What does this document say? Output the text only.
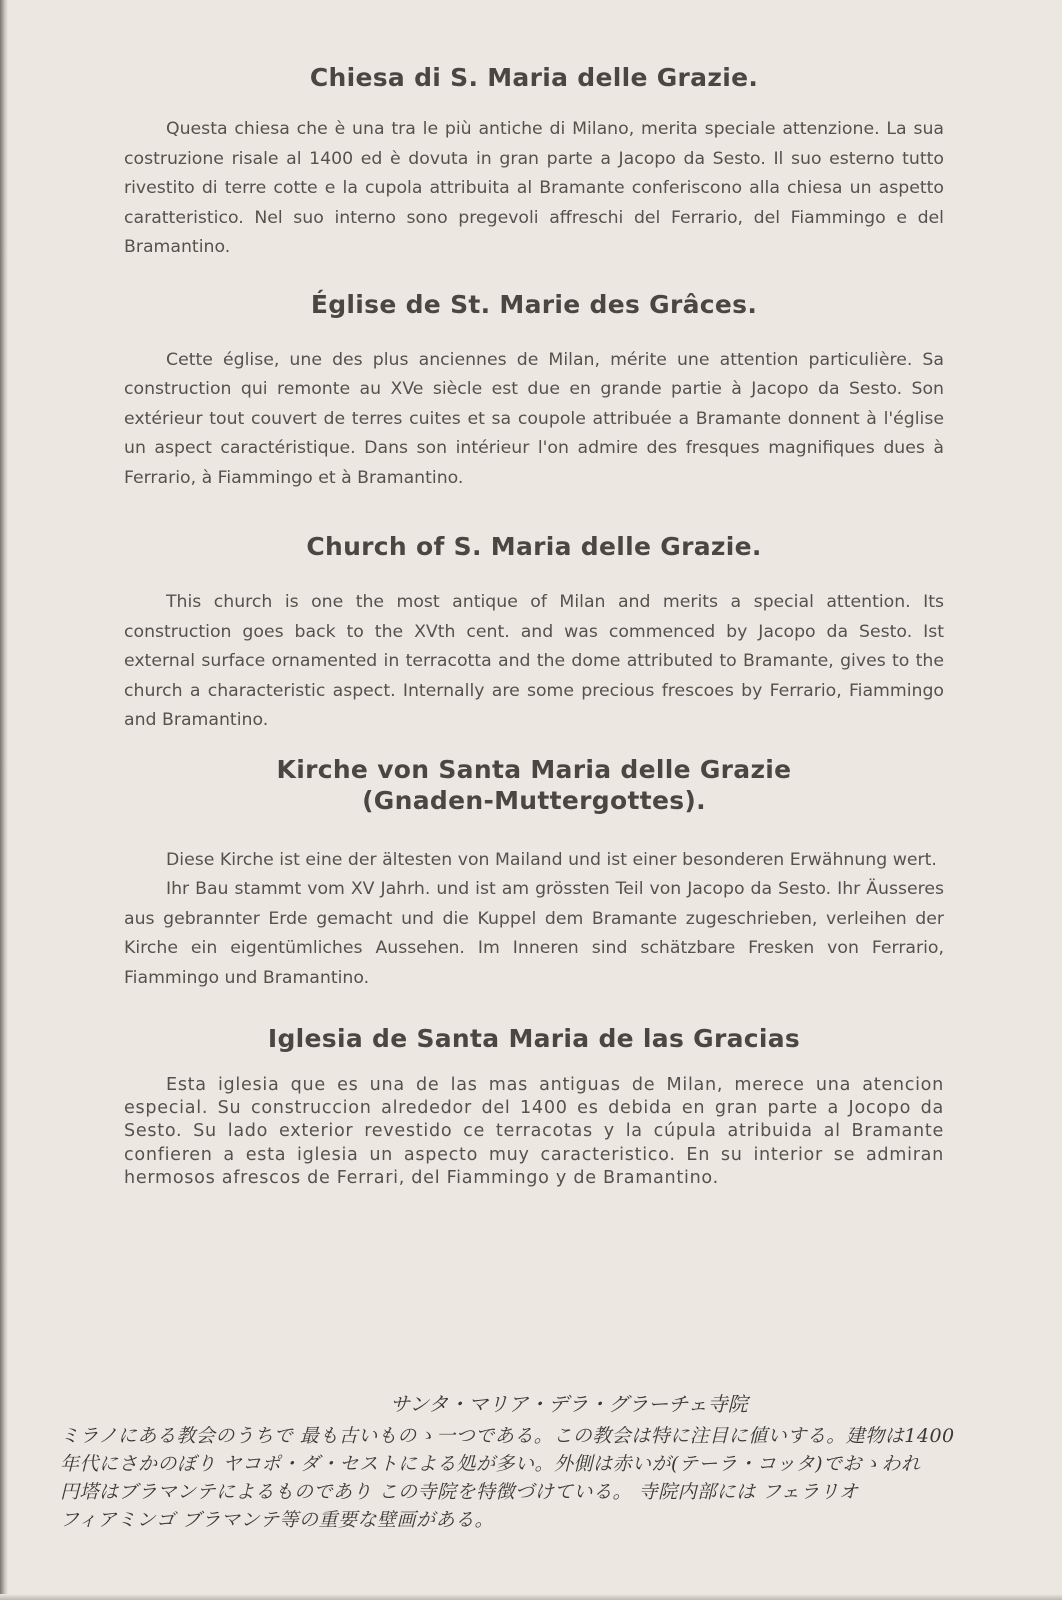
Chiesa di S. Maria delle Grazie.

Questa chiesa che è una tra le più antiche di Milano, merita speciale attenzione. La sua costruzione risale al 1400 ed è dovuta in gran parte a Jacopo da Sesto. Il suo esterno tutto rivestito di terre cotte e la cupola attribuita al Bramante conferiscono alla chiesa un aspetto caratteristico. Nel suo interno sono pregevoli affreschi del Ferrario, del Fiammingo e del Bramantino.

Église de St. Marie des Grâces.

Cette église, une des plus anciennes de Milan, mérite une attention particulière. Sa construction qui remonte au XVe siècle est due en grande partie à Jacopo da Sesto. Son extérieur tout couvert de terres cuites et sa coupole attribuée a Bramante donnent à l'église un aspect caractéristique. Dans son intérieur l'on admire des fresques magnifiques dues à Ferrario, à Fiammingo et à Bramantino.

Church of S. Maria delle Grazie.

This church is one the most antique of Milan and merits a special attention. Its construction goes back to the XVth cent. and was commenced by Jacopo da Sesto. Ist external surface ornamented in terracotta and the dome attributed to Bramante, gives to the church a characteristic aspect. Internally are some precious frescoes by Ferrario, Fiammingo and Bramantino.

Kirche von Santa Maria delle Grazie
(Gnaden-Muttergottes).

Diese Kirche ist eine der ältesten von Mailand und ist einer besonderen Erwähnung wert.

Ihr Bau stammt vom XV Jahrh. und ist am grössten Teil von Jacopo da Sesto. Ihr Äusseres aus gebrannter Erde gemacht und die Kuppel dem Bramante zugeschrieben, verleihen der Kirche ein eigentümliches Aussehen. Im Inneren sind schätzbare Fresken von Ferrario, Fiammingo und Bramantino.

Iglesia de Santa Maria de las Gracias

Esta iglesia que es una de las mas antiguas de Milan, merece una atencion especial. Su construccion alrededor del 1400 es debida en gran parte a Jocopo da Sesto. Su lado exterior revestido ce terracotas y la cúpula atribuida al Bramante confieren a esta iglesia un aspecto muy caracteristico. En su interior se admiran hermosos afrescos de Ferrari, del Fiammingo y de Bramantino.

サンタ・マリア・デラ・グラーチェ寺院
ミラノにある教会のうちで 最も古いものゝ一つである。この教会は特に注目に値いする。建物は1400
年代にさかのぼり ヤコポ・ダ・セストによる処が多い。外側は赤いが(テーラ・コッタ)でおゝわれ
円塔はブラマンテによるものであり この寺院を特徴づけている。 寺院内部には フェラリオ
フィアミンゴ ブラマンテ等の重要な壁画がある。
